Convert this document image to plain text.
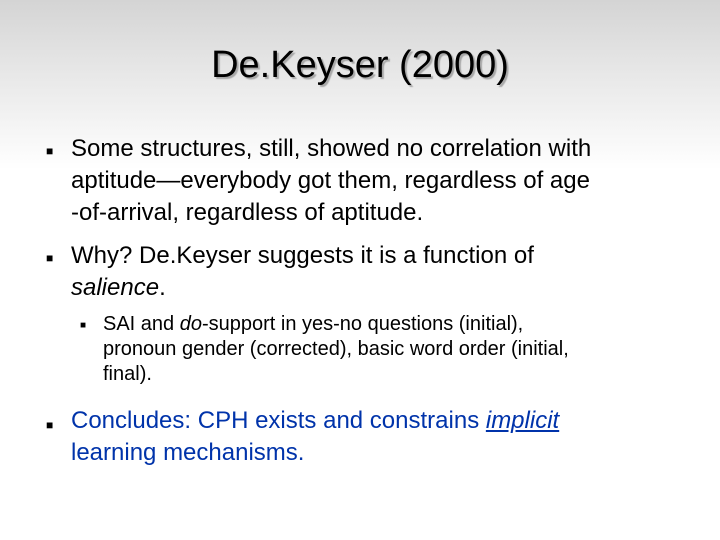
De.Keyser (2000)
■ Some structures, still, showed no correlation with
aptitude—everybody got them, regardless of age
-of-arrival, regardless of aptitude.
■ Why? De.Keyser suggests it is a function of
salience.
■ SAI and do-support in yes-no questions (initial),
pronoun gender (corrected), basic word order (initial,
final).
■ Concludes: CPH exists and constrains implicit
learning mechanisms.
